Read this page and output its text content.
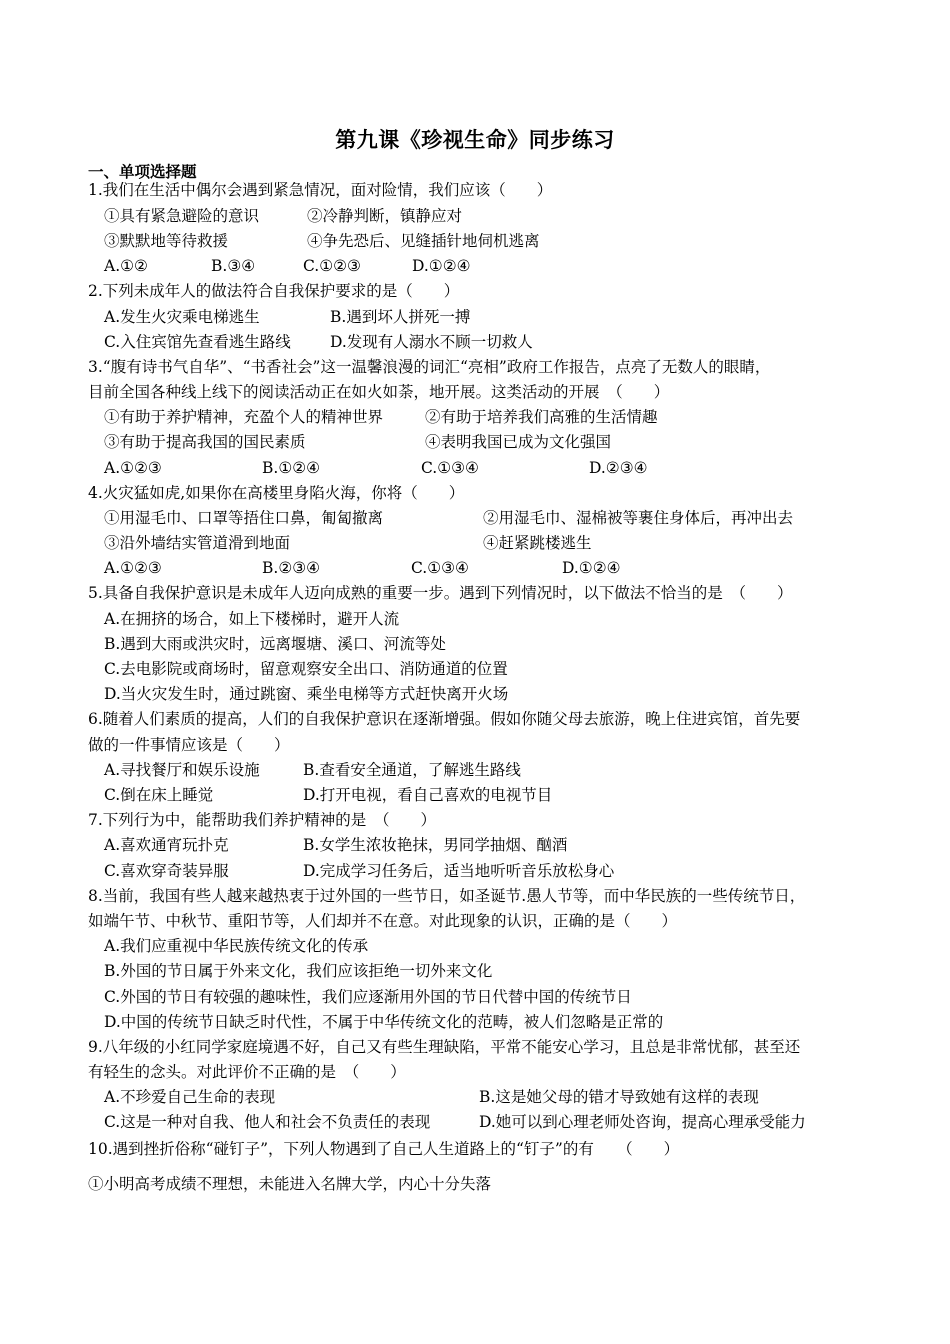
第九课《珍视生命》同步练习
一、单项选择题
1.我们在生活中偶尔会遇到紧急情况，面对险情，我们应该（　　）
①具有紧急避险的意识	②冷静判断，镇静应对
③默默地等待救援	④争先恐后、见缝插针地伺机逃离
A.①②	B.③④	C.①②③	D.①②④
2.下列未成年人的做法符合自我保护要求的是（　　）
A.发生火灾乘电梯逃生	B.遇到坏人拼死一搏
C.入住宾馆先查看逃生路线	D.发现有人溺水不顾一切救人
3.“腹有诗书气自华”、“书香社会”这一温馨浪漫的词汇“亮相”政府工作报告，点亮了无数人的眼睛，
目前全国各种线上线下的阅读活动正在如火如荼，地开展。这类活动的开展　（　　）
①有助于养护精神，充盈个人的精神世界	②有助于培养我们高雅的生活情趣
③有助于提高我国的国民素质	④表明我国已成为文化强国
A.①②③	B.①②④	C.①③④	D.②③④
4.火灾猛如虎,如果你在高楼里身陷火海，你将（　　）
①用湿毛巾、口罩等捂住口鼻，匍匐撤离	②用湿毛巾、湿棉被等裹住身体后，再冲出去
③沿外墙结实管道滑到地面	④赶紧跳楼逃生
A.①②③	B.②③④	C.①③④	D.①②④
5.具备自我保护意识是未成年人迈向成熟的重要一步。遇到下列情况时，以下做法不恰当的是　（　　）
A.在拥挤的场合，如上下楼梯时，避开人流
B.遇到大雨或洪灾时，远离堰塘、溪口、河流等处
C.去电影院或商场时，留意观察安全出口、消防通道的位置
D.当火灾发生时，通过跳窗、乘坐电梯等方式赶快离开火场
6.随着人们素质的提高，人们的自我保护意识在逐渐增强。假如你随父母去旅游，晚上住进宾馆，首先要
做的一件事情应该是（　　）
A.寻找餐厅和娱乐设施	B.查看安全通道，了解逃生路线
C.倒在床上睡觉	D.打开电视，看自己喜欢的电视节目
7.下列行为中，能帮助我们养护精神的是　（　　）
A.喜欢通宵玩扑克	B.女学生浓妆艳抹，男同学抽烟、酗酒
C.喜欢穿奇装异服	D.完成学习任务后，适当地听听音乐放松身心
8.当前，我国有些人越来越热衷于过外国的一些节日，如圣诞节.愚人节等，而中华民族的一些传统节日，
如端午节、中秋节、重阳节等，人们却并不在意。对此现象的认识，正确的是（　　）
A.我们应重视中华民族传统文化的传承
B.外国的节日属于外来文化，我们应该拒绝一切外来文化
C.外国的节日有较强的趣味性，我们应逐渐用外国的节日代替中国的传统节日
D.中国的传统节日缺乏时代性，不属于中华传统文化的范畴，被人们忽略是正常的
9.八年级的小红同学家庭境遇不好，自己又有些生理缺陷，平常不能安心学习，且总是非常忧郁，甚至还
有轻生的念头。对此评价不正确的是　（　　）
A.不珍爱自己生命的表现	B.这是她父母的错才导致她有这样的表现
C.这是一种对自我、他人和社会不负责任的表现	D.她可以到心理老师处咨询，提高心理承受能力
10.遇到挫折俗称“碰钉子”，下列人物遇到了自己人生道路上的“钉子”的有　　（　　）
①小明高考成绩不理想，未能进入名牌大学，内心十分失落
